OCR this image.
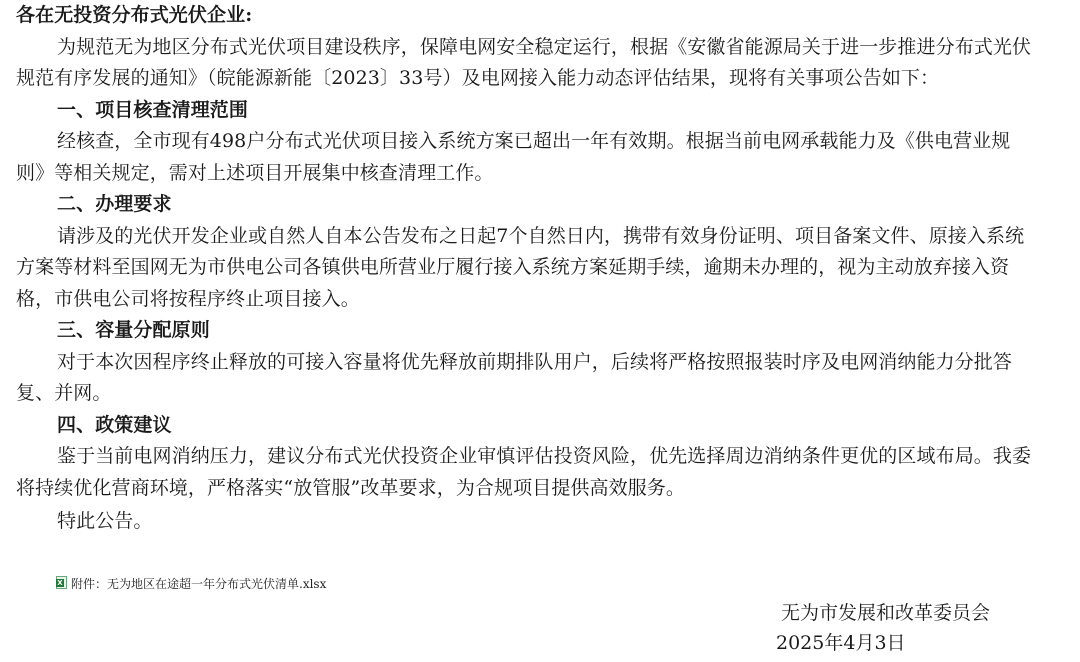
各在无投资分布式光伏企业:
为规范无为地区分布式光伏项目建设秩序，保障电网安全稳定运行，根据《安徽省能源局关于进一步推进分布式光伏
规范有序发展的通知》（皖能源新能〔2023〕33号）及电网接入能力动态评估结果，现将有关事项公告如下：
一、项目核查清理范围
经核查，全市现有498户分布式光伏项目接入系统方案已超出一年有效期。根据当前电网承载能力及《供电营业规
则》等相关规定，需对上述项目开展集中核查清理工作。
二、办理要求
请涉及的光伏开发企业或自然人自本公告发布之日起7个自然日内，携带有效身份证明、项目备案文件、原接入系统
方案等材料至国网无为市供电公司各镇供电所营业厅履行接入系统方案延期手续，逾期未办理的，视为主动放弃接入资
格，市供电公司将按程序终止项目接入。
三、容量分配原则
对于本次因程序终止释放的可接入容量将优先释放前期排队用户，后续将严格按照报装时序及电网消纳能力分批答
复、并网。
四、政策建议
鉴于当前电网消纳压力，建议分布式光伏投资企业审慎评估投资风险，优先选择周边消纳条件更优的区域布局。我委
将持续优化营商环境，严格落实“放管服”改革要求，为合规项目提供高效服务。
特此公告。
X 附件：无为地区在途超一年分布式光伏清单.xlsx
无为市发展和改革委员会
2025年4月3日
